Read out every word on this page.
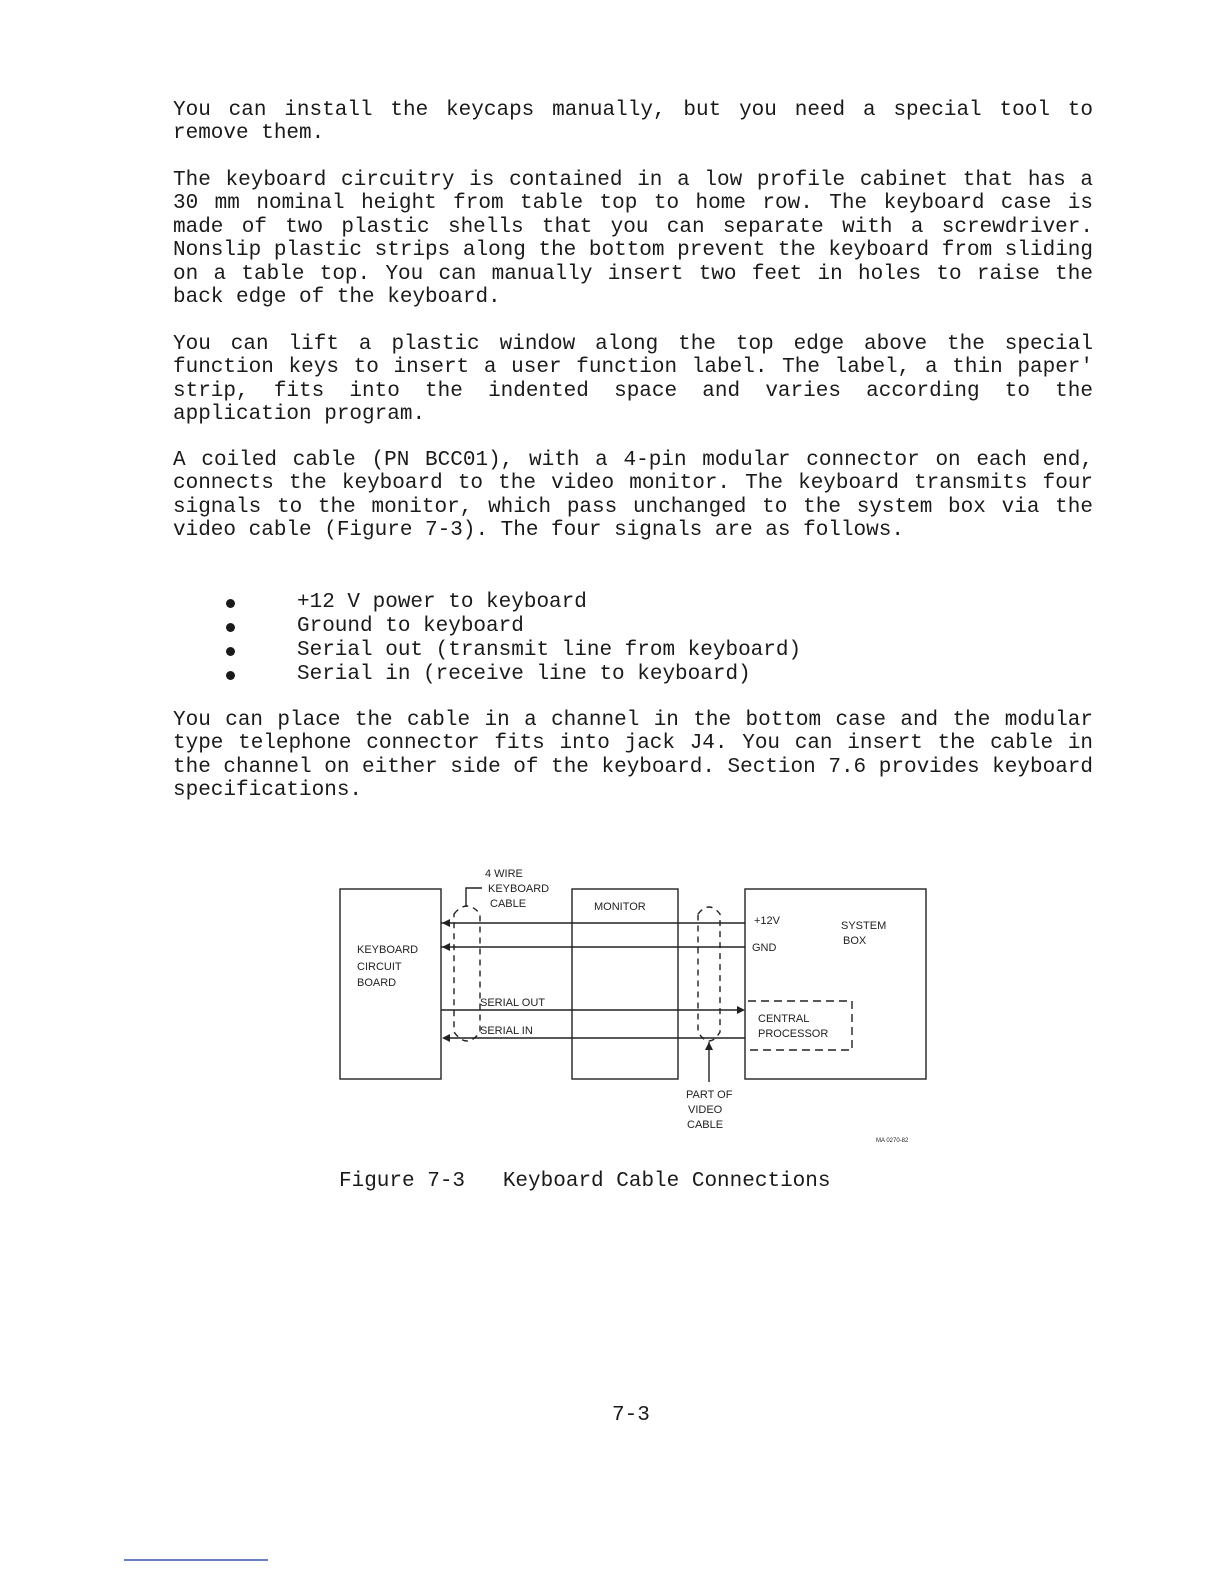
You can install the keycaps manually, but you need a special tool to remove them.

The keyboard circuitry is contained in a low profile cabinet that has a 30 mm nominal height from table top to home row. The keyboard case is made of two plastic shells that you can separate with a screwdriver. Nonslip plastic strips along the bottom prevent the keyboard from sliding on a table top. You can manually insert two feet in holes to raise the back edge of the keyboard.

You can lift a plastic window along the top edge above the special function keys to insert a user function label. The label, a thin paper' strip, fits into the indented space and varies according to the application program.

A coiled cable (PN BCC01), with a 4-pin modular connector on each end, connects the keyboard to the video monitor. The keyboard transmits four signals to the monitor, which pass unchanged to the system box via the video cable (Figure 7-3). The four signals are as follows.

+12 V power to keyboard
Ground to keyboard
Serial out (transmit line from keyboard)
Serial in (receive line to keyboard)

You can place the cable in a channel in the bottom case and the modular type telephone connector fits into jack J4. You can insert the cable in the channel on either side of the keyboard. Section 7.6 provides keyboard specifications.

4 WIRE
KEYBOARD
CABLE
KEYBOARD
CIRCUIT
BOARD
MONITOR
+12V
GND
SERIAL OUT
SERIAL IN
SYSTEM
BOX
CENTRAL
PROCESSOR
PART OF
VIDEO
CABLE
MA 0270-82
Figure 7-3   Keyboard Cable Connections
7-3
